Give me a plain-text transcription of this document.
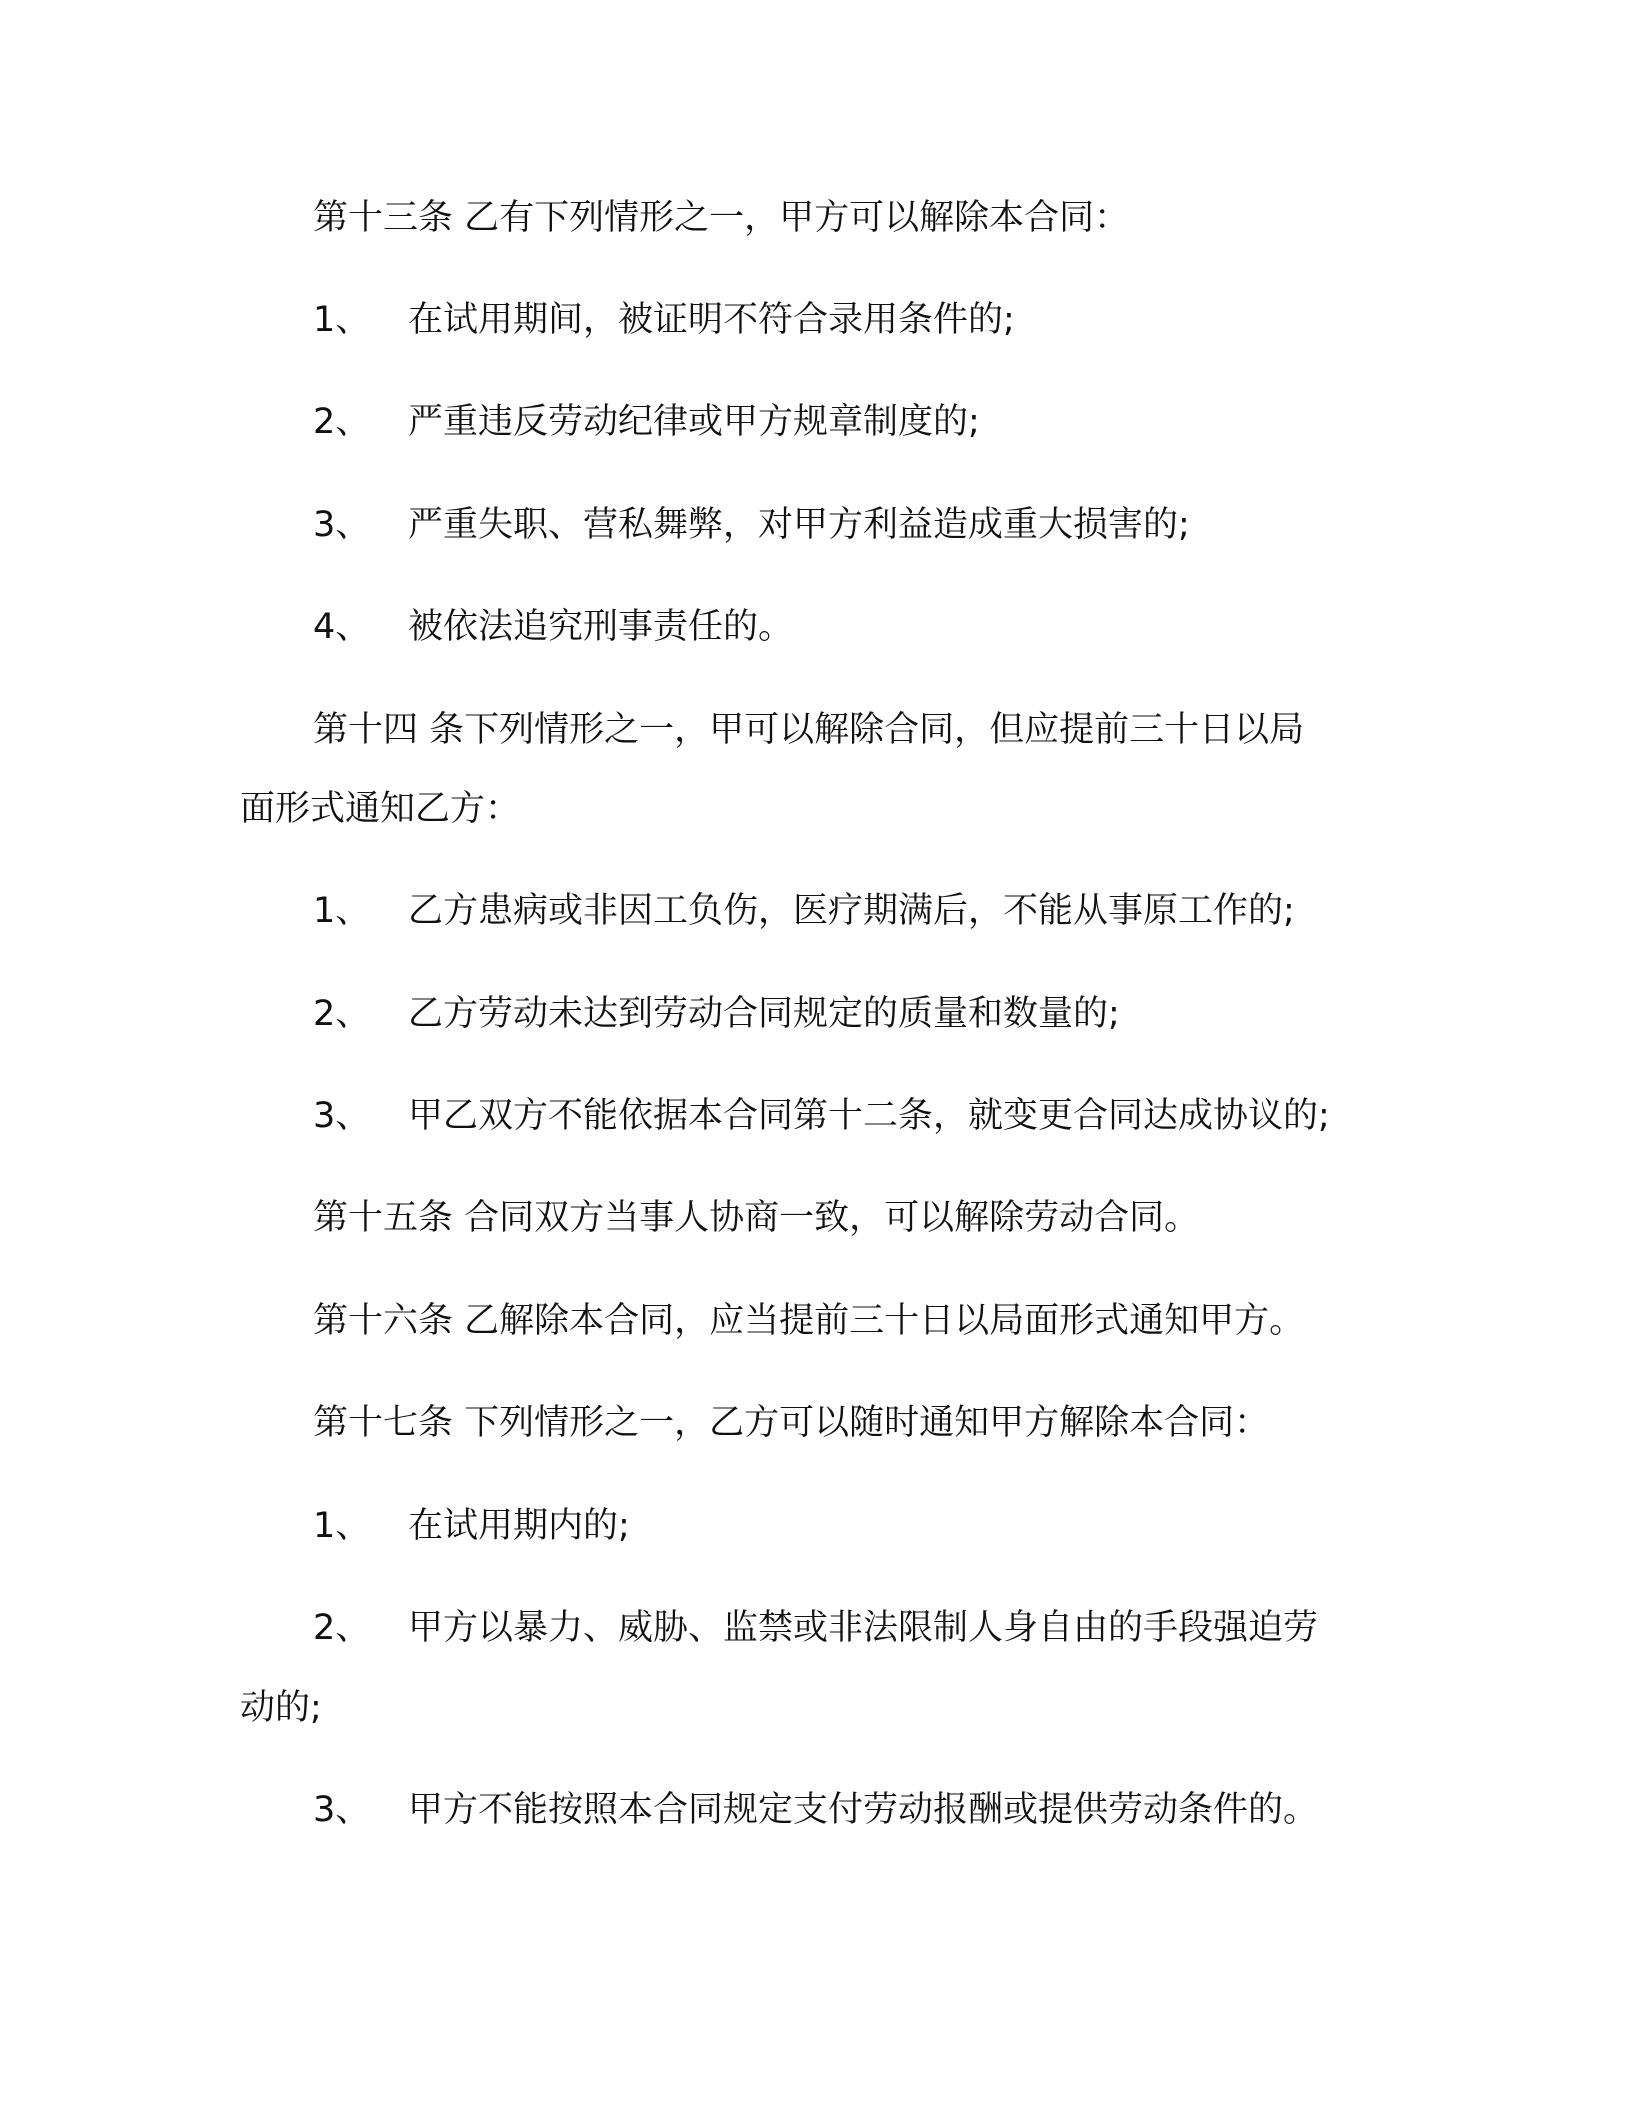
第十三条 乙有下列情形之一，甲方可以解除本合同：
1、 在试用期间，被证明不符合录用条件的;
2、 严重违反劳动纪律或甲方规章制度的;
3、 严重失职、营私舞弊，对甲方利益造成重大损害的;
4、 被依法追究刑事责任的。
第十四 条下列情形之一，甲可以解除合同，但应提前三十日以局
面形式通知乙方：
1、 乙方患病或非因工负伤，医疗期满后，不能从事原工作的;
2、 乙方劳动未达到劳动合同规定的质量和数量的;
3、 甲乙双方不能依据本合同第十二条，就变更合同达成协议的;
第十五条 合同双方当事人协商一致，可以解除劳动合同。
第十六条 乙解除本合同，应当提前三十日以局面形式通知甲方。
第十七条 下列情形之一，乙方可以随时通知甲方解除本合同：
1、 在试用期内的;
2、 甲方以暴力、威胁、监禁或非法限制人身自由的手段强迫劳
动的;
3、 甲方不能按照本合同规定支付劳动报酬或提供劳动条件的。
